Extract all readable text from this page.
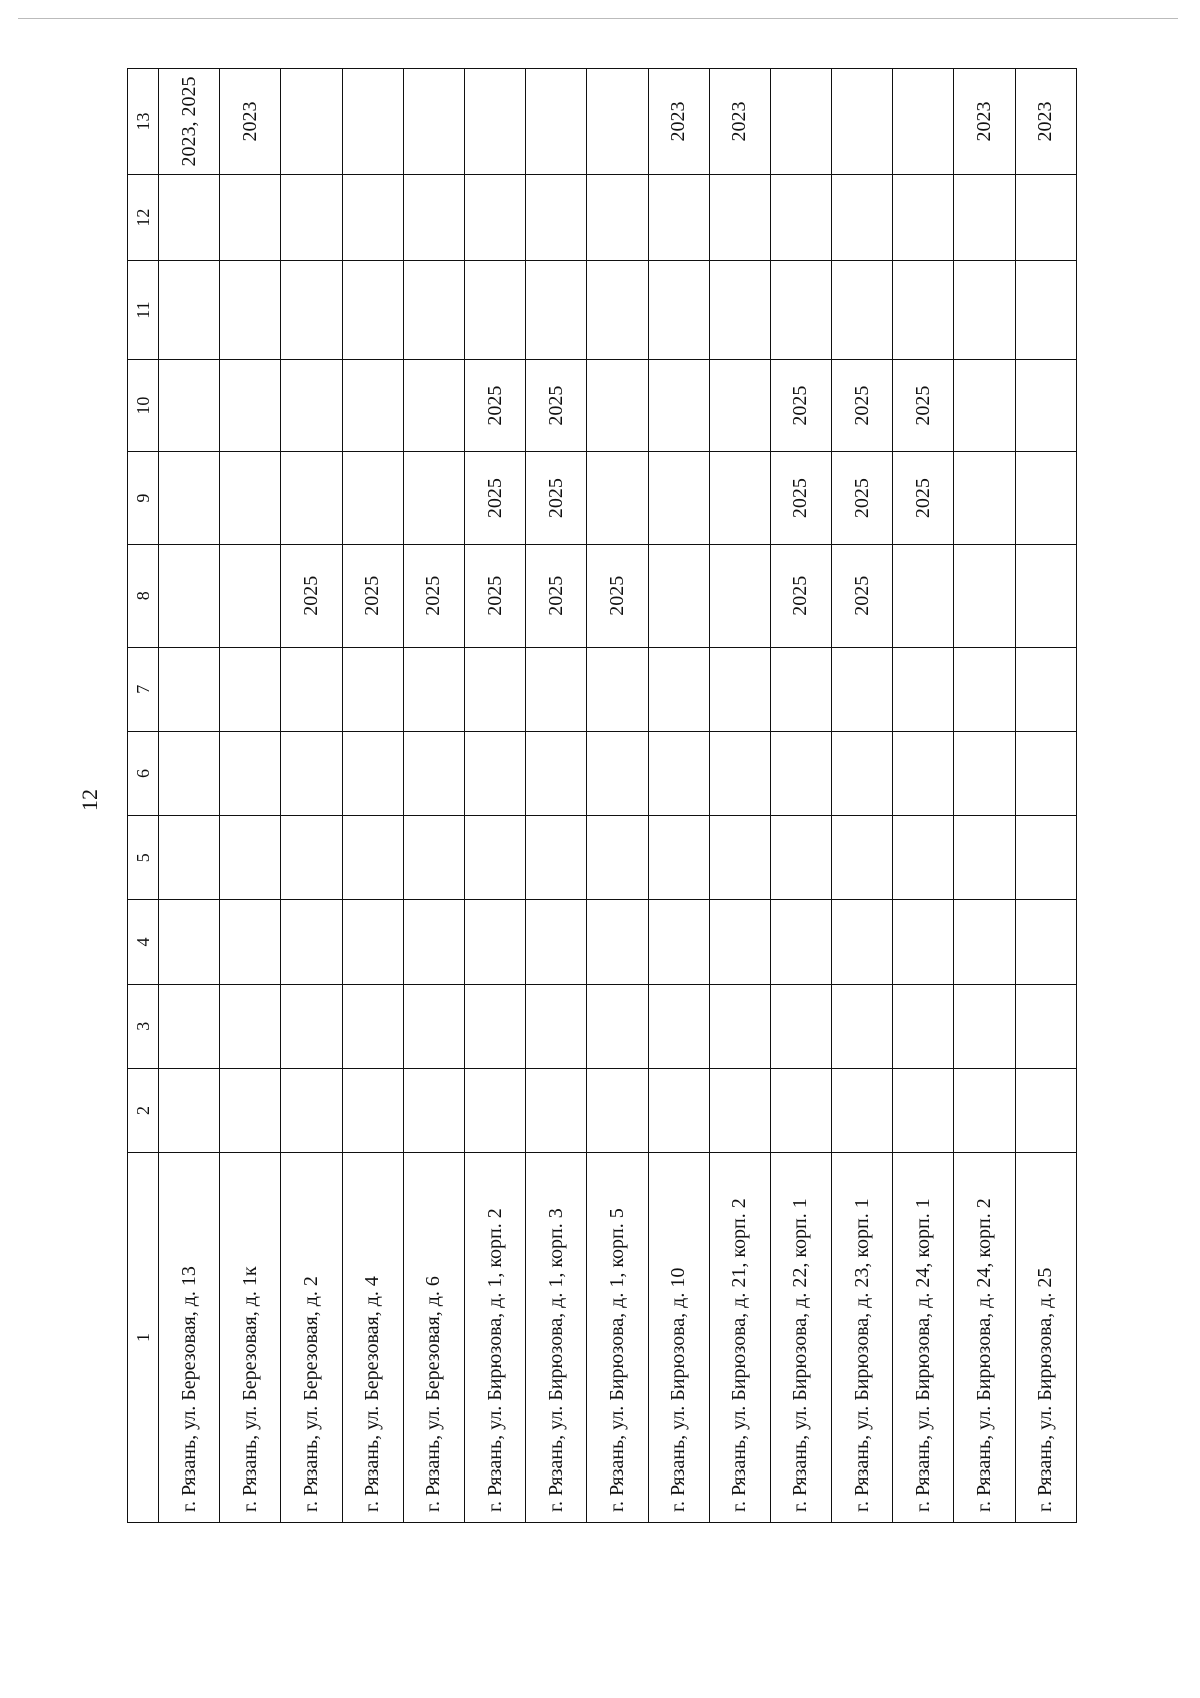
12
1	2	3	4	5	6	7	8	9	10	11	12	13
г. Рязань, ул. Березовая, д. 13												2023, 2025
г. Рязань, ул. Березовая, д. 1к												2023
г. Рязань, ул. Березовая, д. 2							2025					
г. Рязань, ул. Березовая, д. 4							2025					
г. Рязань, ул. Березовая, д. 6							2025					
г. Рязань, ул. Бирюзова, д. 1, корп. 2							2025	2025	2025			
г. Рязань, ул. Бирюзова, д. 1, корп. 3							2025	2025	2025			
г. Рязань, ул. Бирюзова, д. 1, корп. 5							2025					
г. Рязань, ул. Бирюзова, д. 10												2023
г. Рязань, ул. Бирюзова, д. 21, корп. 2												2023
г. Рязань, ул. Бирюзова, д. 22, корп. 1							2025	2025	2025			
г. Рязань, ул. Бирюзова, д. 23, корп. 1							2025	2025	2025			
г. Рязань, ул. Бирюзова, д. 24, корп. 1								2025	2025			
г. Рязань, ул. Бирюзова, д. 24, корп. 2												2023
г. Рязань, ул. Бирюзова, д. 25												2023
